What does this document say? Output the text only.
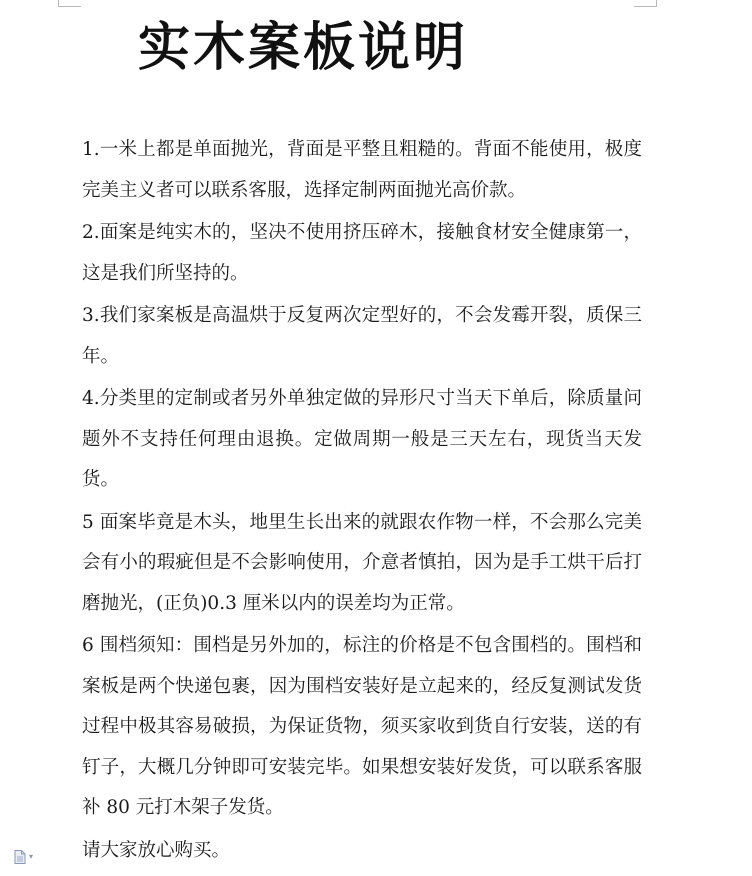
实木案板说明

1.一米上都是单面抛光，背面是平整且粗糙的。背面不能使用，极度完美主义者可以联系客服，选择定制两面抛光高价款。

2.面案是纯实木的，坚决不使用挤压碎木，接触食材安全健康第一，这是我们所坚持的。

3.我们家案板是高温烘于反复两次定型好的，不会发霉开裂，质保三年。

4.分类里的定制或者另外单独定做的异形尺寸当天下单后，除质量问题外不支持任何理由退换。定做周期一般是三天左右，现货当天发货。

5 面案毕竟是木头，地里生长出来的就跟农作物一样，不会那么完美会有小的瑕疵但是不会影响使用，介意者慎拍，因为是手工烘干后打磨抛光，(正负)0.3 厘米以内的误差均为正常。

6 围档须知：围档是另外加的，标注的价格是不包含围档的。围档和案板是两个快递包裹，因为围档安装好是立起来的，经反复测试发货过程中极其容易破损，为保证货物，须买家收到货自行安装，送的有钉子，大概几分钟即可安装完毕。如果想安装好发货，可以联系客服补 80 元打木架子发货。

请大家放心购买。

▾
